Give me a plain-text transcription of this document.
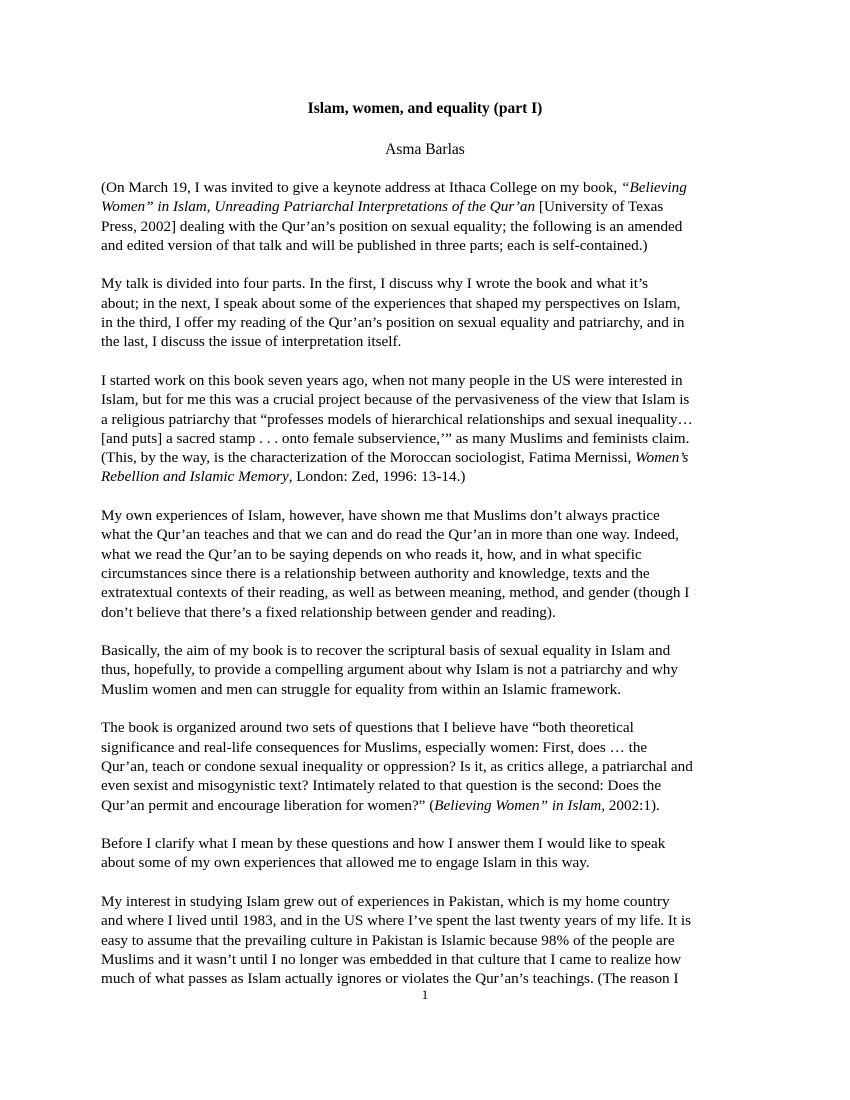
Islam, women, and equality (part I)
Asma Barlas

(On March 19, I was invited to give a keynote address at Ithaca College on my book, “Believing
Women” in Islam, Unreading Patriarchal Interpretations of the Qur’an [University of Texas
Press, 2002] dealing with the Qur’an’s position on sexual equality; the following is an amended
and edited version of that talk and will be published in three parts; each is self-contained.)

My talk is divided into four parts. In the first, I discuss why I wrote the book and what it’s
about; in the next, I speak about some of the experiences that shaped my perspectives on Islam,
in the third, I offer my reading of the Qur’an’s position on sexual equality and patriarchy, and in
the last, I discuss the issue of interpretation itself.

I started work on this book seven years ago, when not many people in the US were interested in
Islam, but for me this was a crucial project because of the pervasiveness of the view that Islam is
a religious patriarchy that “professes models of hierarchical relationships and sexual inequality…
[and puts] a sacred stamp . . . onto female subservience,’” as many Muslims and feminists claim.
(This, by the way, is the characterization of the Moroccan sociologist, Fatima Mernissi, Women’s
Rebellion and Islamic Memory, London: Zed, 1996: 13-14.)

My own experiences of Islam, however, have shown me that Muslims don’t always practice
what the Qur’an teaches and that we can and do read the Qur’an in more than one way. Indeed,
what we read the Qur’an to be saying depends on who reads it, how, and in what specific
circumstances since there is a relationship between authority and knowledge, texts and the
extratextual contexts of their reading, as well as between meaning, method, and gender (though I
don’t believe that there’s a fixed relationship between gender and reading).

Basically, the aim of my book is to recover the scriptural basis of sexual equality in Islam and
thus, hopefully, to provide a compelling argument about why Islam is not a patriarchy and why
Muslim women and men can struggle for equality from within an Islamic framework.

The book is organized around two sets of questions that I believe have “both theoretical
significance and real-life consequences for Muslims, especially women: First, does … the
Qur’an, teach or condone sexual inequality or oppression? Is it, as critics allege, a patriarchal and
even sexist and misogynistic text? Intimately related to that question is the second: Does the
Qur’an permit and encourage liberation for women?” (Believing Women” in Islam, 2002:1).

Before I clarify what I mean by these questions and how I answer them I would like to speak
about some of my own experiences that allowed me to engage Islam in this way.

My interest in studying Islam grew out of experiences in Pakistan, which is my home country
and where I lived until 1983, and in the US where I’ve spent the last twenty years of my life. It is
easy to assume that the prevailing culture in Pakistan is Islamic because 98% of the people are
Muslims and it wasn’t until I no longer was embedded in that culture that I came to realize how
much of what passes as Islam actually ignores or violates the Qur’an’s teachings. (The reason I

1
